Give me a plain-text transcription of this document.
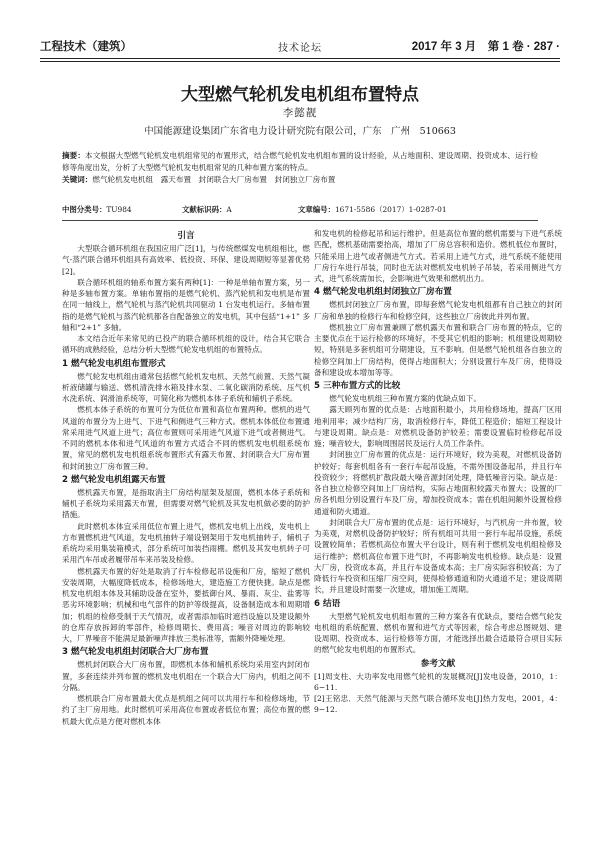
工程技术（建筑）	技术论坛	2017 年 3 月　第 1 卷 · 287 ·
大型燃气轮机发电机组布置特点
李懿靓
中国能源建设集团广东省电力设计研究院有限公司，广东　广州　510663
摘要：本文根据大型燃气轮机发电机组常见的布置形式，结合燃气轮机发电机组布置的设计经验，从占地面积、建设周期、投资成本、运行检修等角度出发，分析了大型燃气轮机发电机组常见的几种布置方案的特点。
关键词：燃气轮机发电机组　露天布置　封闭联合大厂房布置　封闭独立厂房布置
中图分类号：TU984	文献标识码：A	文章编号：1671-5586（2017）1-0287-01
引言

大型联合循环机组在我国应用广泛[1]，与传统燃煤发电机组相比，燃气-蒸汽联合循环机组具有高效率、低投资、环保、建设周期短等显著优势[2]。

联合循环机组的轴系布置方案有两种[1]：一种是单轴布置方案，另一种是多轴布置方案。单轴布置指的是燃气轮机、蒸汽轮机和发电机是布置在同一轴线上，燃气轮机与蒸汽轮机共同驱动 1 台发电机运行。多轴布置指的是燃气轮机与蒸汽轮机都各自配备独立的发电机，其中包括“1+1” 多轴和“2+1” 多轴。

本文结合近年来常见的已投产的联合循环机组的设计，结合其它联合循环的成熟经验，总结分析大型燃气轮发电机组的布置特点。

1 燃气轮发电机组布置形式

燃气轮发电机组由通常包括燃气轮机发电机、天然气前置、天然气凝析液储罐与输送、燃机清洗排水箱及排水泵、二氧化碳消防系统、压气机水洗系统、润滑油系统等，可简化称为燃机本体子系统和辅机子系统。

燃机本体子系统的布置可分为低位布置和高位布置两种。燃机的进气风道的布置分为上进气、下进气和侧进气三种方式。燃机本体低位布置通常采用进气风道上进气；高位布置则可采用进气风道下进气或者侧进气。不同的燃机本体和进气风道的布置方式适合不同的燃机发电机组系统布置，常见的燃机发电机组系统布置形式有露天布置、封闭联合大厂房布置和封闭独立厂房布置三种。

2 燃气轮发电机组露天布置

燃机露天布置，是指取消主厂房结构屋架及屋面，燃机本体子系统和辅机子系统均采用露天布置，但需要对燃气轮机及其发电机做必要的防护措施。

此时燃机本体宜采用低位布置上进气，燃机发电机上出线，发电机上方布置燃机进气风道，发电机抽转子端设钢架用于发电机抽转子，辅机子系统均采用集装箱模式，部分系统可加装挡雨棚。燃机及其发电机转子可采用汽车吊或者履带吊车来吊装及检修。

燃机露天布置的好处是取消了行车检修起吊设施和厂房，缩短了燃机安装周期，大幅度降低成本，检修场地大，建造施工方便快捷。缺点是燃机发电机组本体及其辅助设备在室外，要抵御台风、暴雨、灰尘、盐雾等恶劣环境影响；机械和电气部件的防护等级提高，设备制造成本和周期增加；机组的检修受制于天气情况，或者需添加临时遮挡设施以及建设额外的仓库存放拆卸的零部件，检修周期长、费用高；噪音对周边的影响较大，厂界噪音不能满足最新噪声排放三类标准等，需额外降噪处理。

3 燃气轮发电机组封闭联合大厂房布置

燃机封闭联合大厂房布置，即燃机本体和辅机系统均采用室内封闭布置，多套连续并列布置的燃机发电机组在一个联合大厂房内，机组之间不分隔。

燃机联合厂房布置最大优点是机组之间可以共用行车和检修场地，节约了主厂房用地。此时燃机可采用高位布置或者低位布置；高位布置的燃机最大优点是方便对燃机本体

和发电机的检修起吊和运行维护。但是高位布置的燃机需要与下进气系统匹配，燃机基础需要抬高，增加了厂房总容积和造价。燃机低位布置时，只能采用上进气或者侧进气方式。若采用上进气方式，进气系统不能使用厂房行车进行吊装，同时也无法对燃机发电机转子吊装，若采用侧进气方式，进气系统需加长，会影响进气效果和燃机出力。

4 燃气轮发电机组封闭独立厂房布置

燃机封闭独立厂房布置，即每套燃气轮发电机组都有自己独立的封闭厂房和单独的检修行车和检修空间，这些独立厂房彼此并列布置。

燃机独立厂房布置兼顾了燃机露天布置和联合厂房布置的特点，它的主要优点在于运行检修的环境好，不受其它机组的影响；机组建设周期较短，特别是多套机组可分期建设，互不影响。但是燃气轮机组各自独立的检修空间加上厂房结构，使得占地面积大；分别设置行车及厂房，使得设备和建设成本增加等等。

5 三种布置方式的比较

燃气轮发电机组三种布置方案的优缺点如下。

露天顾列布置的优点是：占地面积最小，共用检修场地，提高厂区用地利用率；减少结构厂房，取消检修行车，降低工程造价；缩短工程设计与建设周期。缺点是：对燃机设备防护较差；需要设置临时检修起吊设施；噪音较大，影响周围居民及运行人员工作条件。

封闭独立厂房布置的优点是：运行环境好，较为美观，对燃机设备防护较好；每套机组各有一套行车起吊设施，不需外围设备起吊，并且行车投资较少；将燃机扩散段最大噪音源封闭处理，降低噪音污染。缺点是：各自独立检修空间加上厂房结构，实际占地面积较露天布置大；设置的厂房各机组分别设置行车及厂房，增加投资成本；需在机组间额外设置检修通道和防火通道。

封闭联合大厂房布置的优点是：运行环境好，与汽机房一并布置，较为美观，对燃机设备防护较好；所有机组可共用一套行车起吊设施，系统设置较简单；若燃机高位布置大平台设计，则有利于燃机发电机组检修及运行维护；燃机高位布置下进气时，不再影响发电机检修。缺点是：设置大厂房，投资成本高，并且行车设备成本高；主厂房实际容积较高；为了降低行车投资和压缩厂房空间，使得检修通道和防火通道不足；建设周期长，并且建设时需要一次建成，增加施工周期。

6 结语

大型燃气轮机发电机组布置的三种方案各有优缺点，要结合燃气轮发电机组的系统配置、燃机布置和进气方式等因素，综合考虑总图规划、建设周期、投资成本、运行检修等方面，才能选择出最合适最符合项目实际的燃气轮发电机组的布置形式。

参考文献

[1]周支柱、大功率发电用燃气轮机的发展概况[J]发电设备，2010，1：6−11.

[2]王铭忠．天然气能源与天然气联合循环发电[J]热力发电，2001，4：9−12.
